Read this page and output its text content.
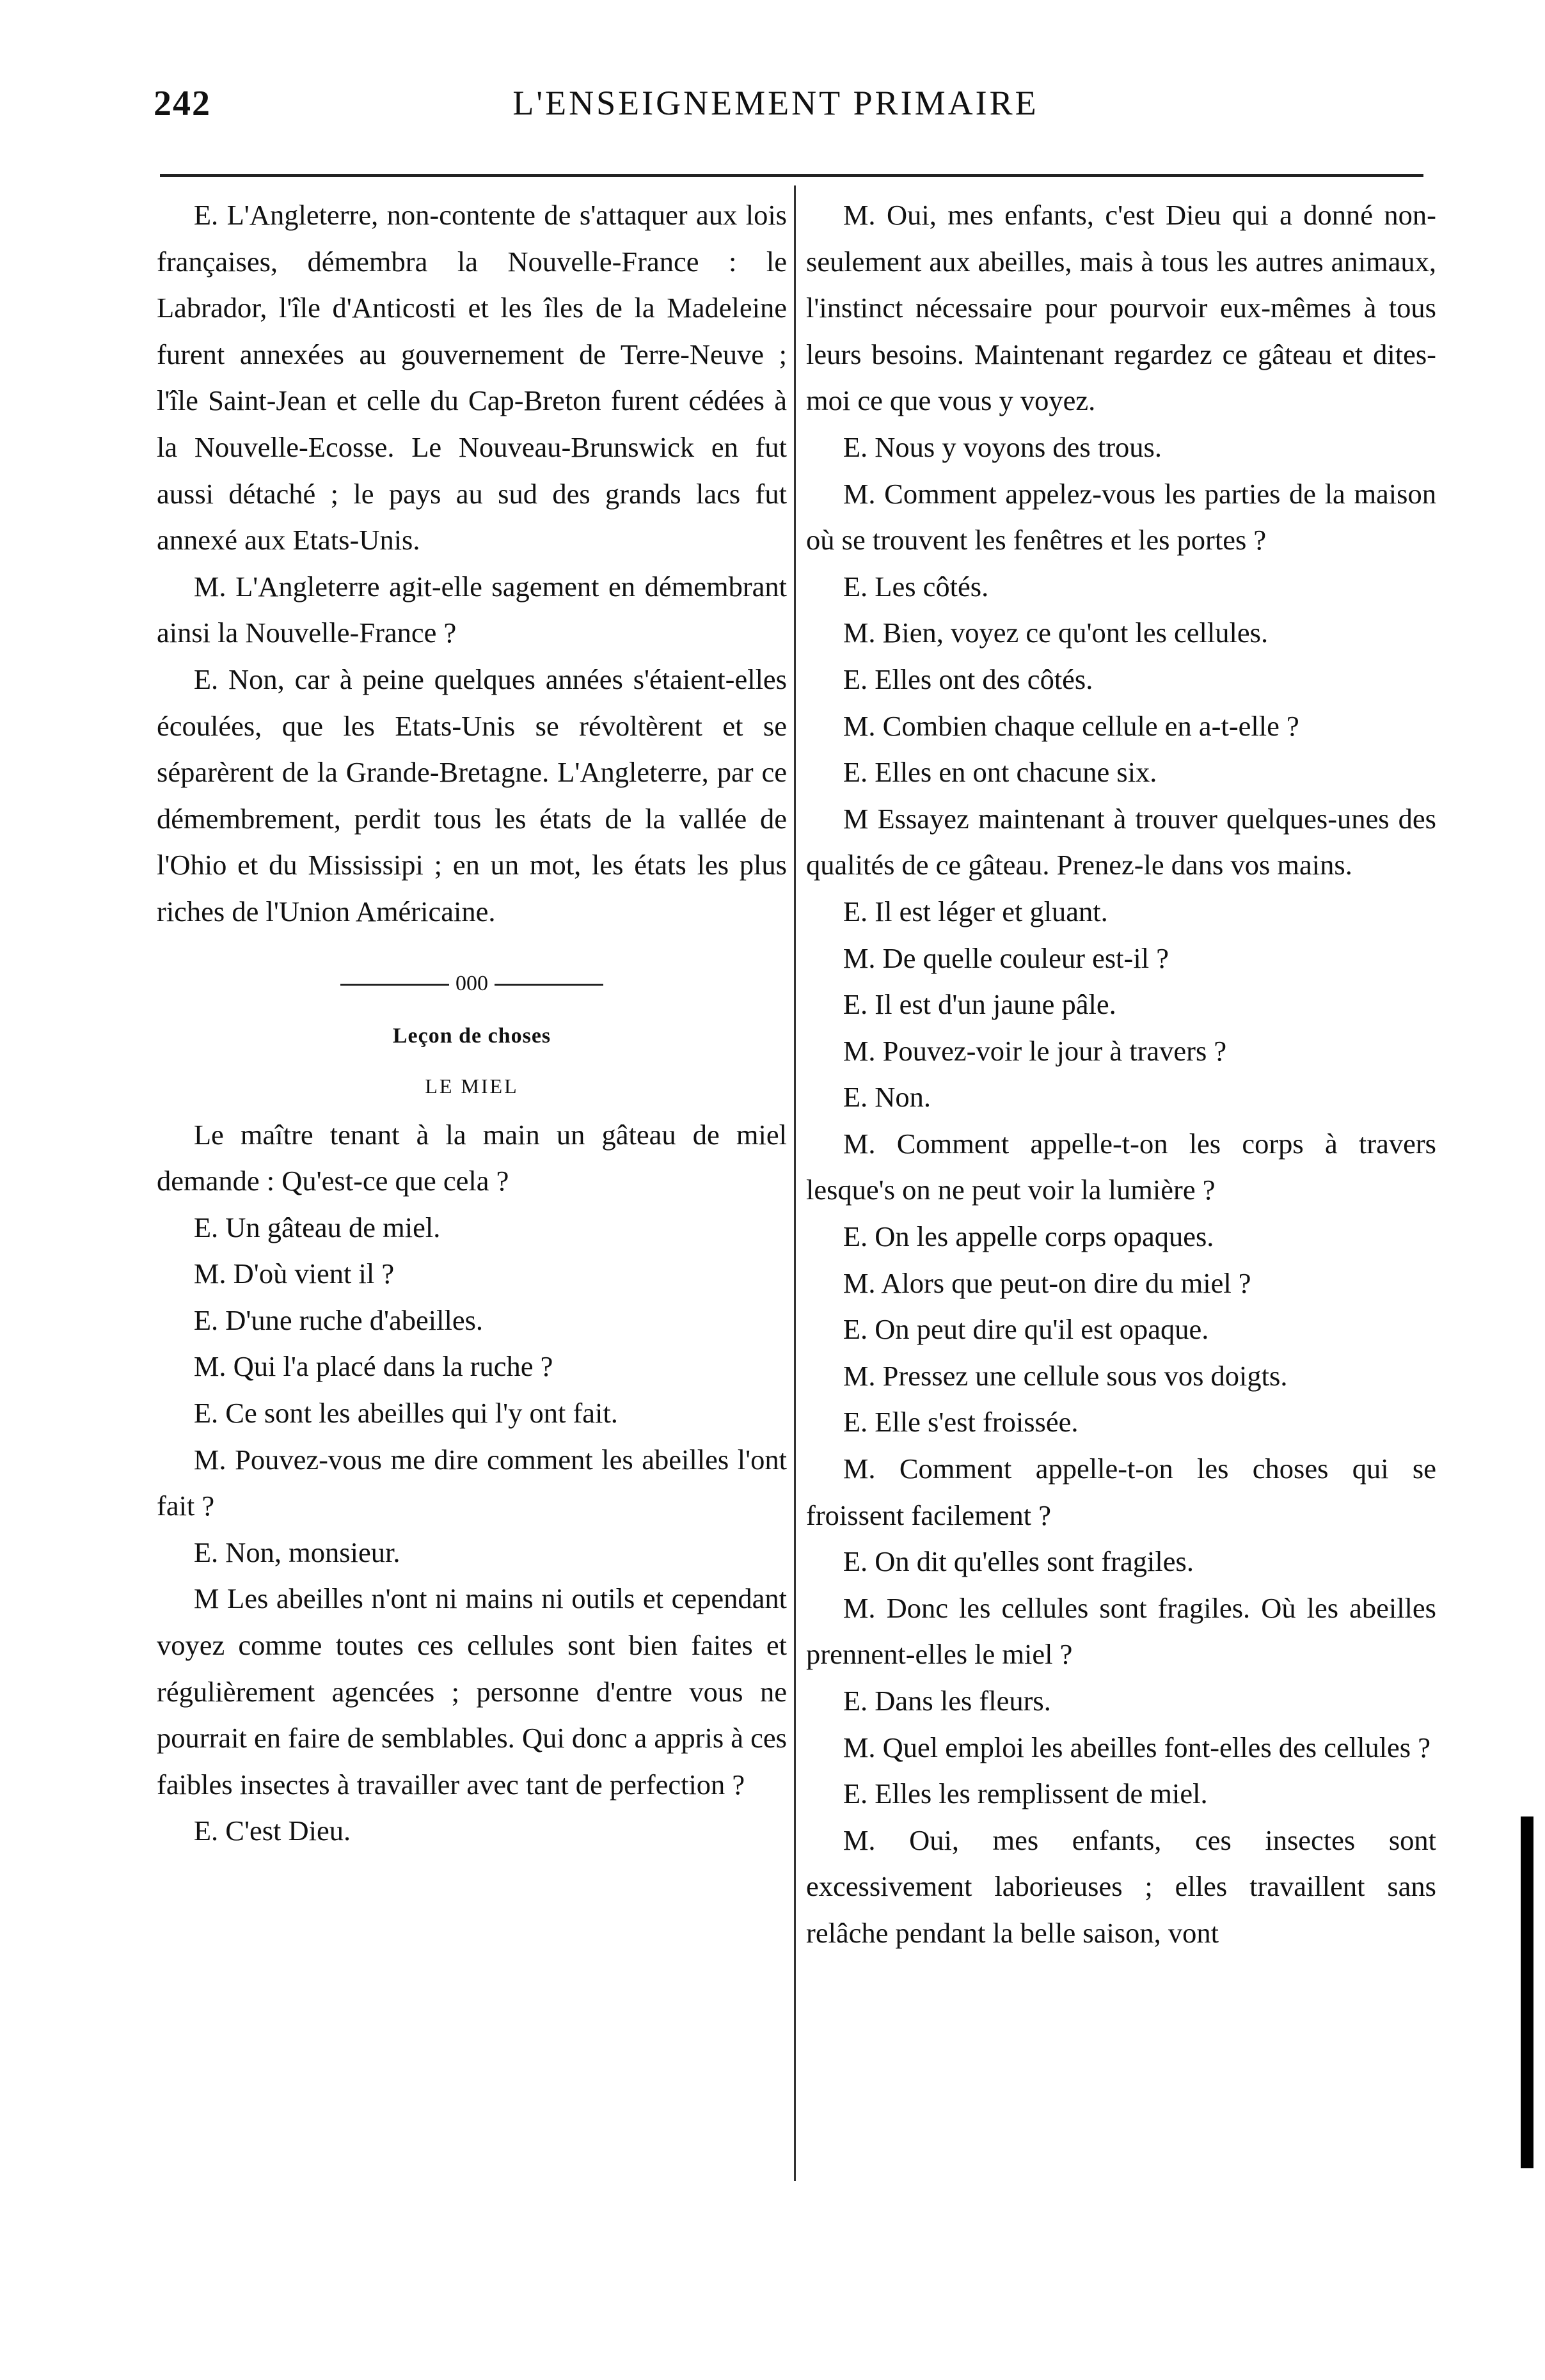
242	L'ENSEIGNEMENT PRIMAIRE

E. L'Angleterre, non-contente de s'attaquer aux lois françaises, démembra la Nouvelle-France : le Labrador, l'île d'Anticosti et les îles de la Madeleine furent annexées au gouvernement de Terre-Neuve ; l'île Saint-Jean et celle du Cap-Breton furent cédées à la Nouvelle-Ecosse. Le Nouveau-Brunswick en fut aussi détaché ; le pays au sud des grands lacs fut annexé aux Etats-Unis.

M. L'Angleterre agit-elle sagement en démembrant ainsi la Nouvelle-France ?

E. Non, car à peine quelques années s'étaient-elles écoulées, que les Etats-Unis se révoltèrent et se séparèrent de la Grande-Bretagne. L'Angleterre, par ce démembrement, perdit tous les états de la vallée de l'Ohio et du Mississipi ; en un mot, les états les plus riches de l'Union Américaine.

000
Leçon de choses
LE MIEL

Le maître tenant à la main un gâteau de miel demande : Qu'est-ce que cela ?

E. Un gâteau de miel.

M. D'où vient il ?

E. D'une ruche d'abeilles.

M. Qui l'a placé dans la ruche ?

E. Ce sont les abeilles qui l'y ont fait.

M. Pouvez-vous me dire comment les abeilles l'ont fait ?

E. Non, monsieur.

M Les abeilles n'ont ni mains ni outils et cependant voyez comme toutes ces cellules sont bien faites et régulièrement agencées ; personne d'entre vous ne pourrait en faire de semblables. Qui donc a appris à ces faibles insectes à travailler avec tant de perfection ?

E. C'est Dieu.

M. Oui, mes enfants, c'est Dieu qui a donné non-seulement aux abeilles, mais à tous les autres animaux, l'instinct nécessaire pour pourvoir eux-mêmes à tous leurs besoins. Maintenant regardez ce gâteau et dites-moi ce que vous y voyez.

E. Nous y voyons des trous.

M. Comment appelez-vous les parties de la maison où se trouvent les fenêtres et les portes ?

E. Les côtés.

M. Bien, voyez ce qu'ont les cellules.

E. Elles ont des côtés.

M. Combien chaque cellule en a-t-elle ?

E. Elles en ont chacune six.

M Essayez maintenant à trouver quelques-unes des qualités de ce gâteau. Prenez-le dans vos mains.

E. Il est léger et gluant.

M. De quelle couleur est-il ?

E. Il est d'un jaune pâle.

M. Pouvez-voir le jour à travers ?

E. Non.

M. Comment appelle-t-on les corps à travers lesque's on ne peut voir la lumière ?

E. On les appelle corps opaques.

M. Alors que peut-on dire du miel ?

E. On peut dire qu'il est opaque.

M. Pressez une cellule sous vos doigts.

E. Elle s'est froissée.

M. Comment appelle-t-on les choses qui se froissent facilement ?

E. On dit qu'elles sont fragiles.

M. Donc les cellules sont fragiles. Où les abeilles prennent-elles le miel ?

E. Dans les fleurs.

M. Quel emploi les abeilles font-elles des cellules ?

E. Elles les remplissent de miel.

M. Oui, mes enfants, ces insectes sont excessivement laborieuses ; elles travaillent sans relâche pendant la belle saison, vont
